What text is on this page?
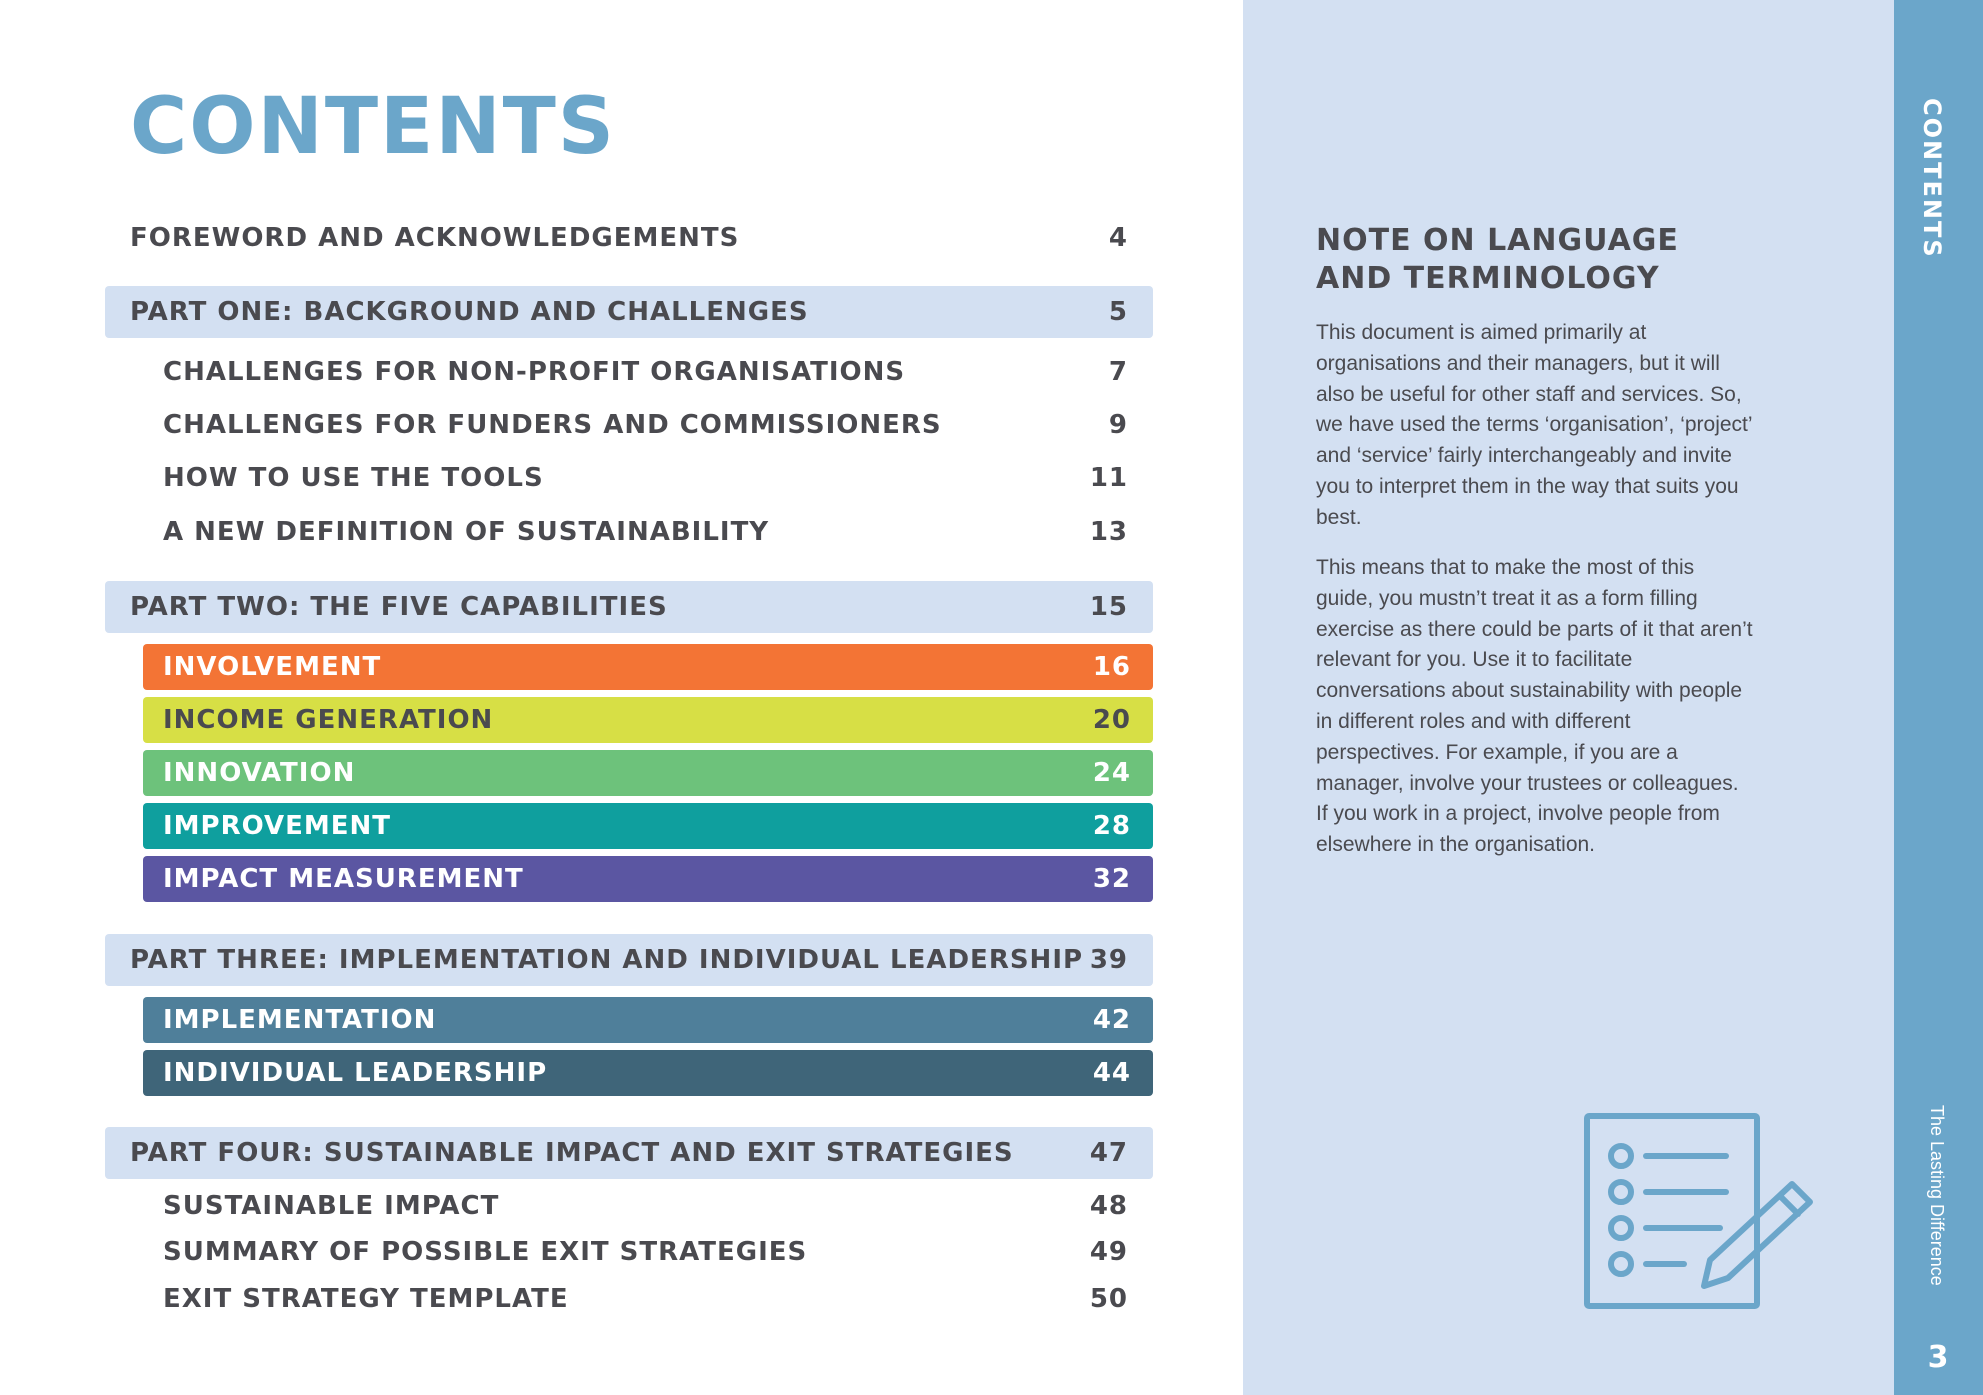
CONTENTS
FOREWORD AND ACKNOWLEDGEMENTS	4
PART ONE: BACKGROUND AND CHALLENGES	5
CHALLENGES FOR NON-PROFIT ORGANISATIONS	7
CHALLENGES FOR FUNDERS AND COMMISSIONERS	9
HOW TO USE THE TOOLS	11
A NEW DEFINITION OF SUSTAINABILITY	13
PART TWO: THE FIVE CAPABILITIES	15
INVOLVEMENT	16
INCOME GENERATION	20
INNOVATION	24
IMPROVEMENT	28
IMPACT MEASUREMENT	32
PART THREE: IMPLEMENTATION AND INDIVIDUAL LEADERSHIP 39
IMPLEMENTATION	42
INDIVIDUAL LEADERSHIP	44
PART FOUR: SUSTAINABLE IMPACT AND EXIT STRATEGIES	47
SUSTAINABLE IMPACT	48
SUMMARY OF POSSIBLE EXIT STRATEGIES	49
EXIT STRATEGY TEMPLATE	50
NOTE ON LANGUAGE AND TERMINOLOGY

This document is aimed primarily at organisations and their managers, but it will also be useful for other staff and services. So, we have used the terms ‘organisation’, ‘project’ and ‘service’ fairly interchangeably and invite you to interpret them in the way that suits you best.

This means that to make the most of this guide, you mustn’t treat it as a form filling exercise as there could be parts of it that aren’t relevant for you. Use it to facilitate conversations about sustainability with people in different roles and with different perspectives. For example, if you are a manager, involve your trustees or colleagues. If you work in a project, involve people from elsewhere in the organisation.

CONTENTS
The Lasting Difference
3
